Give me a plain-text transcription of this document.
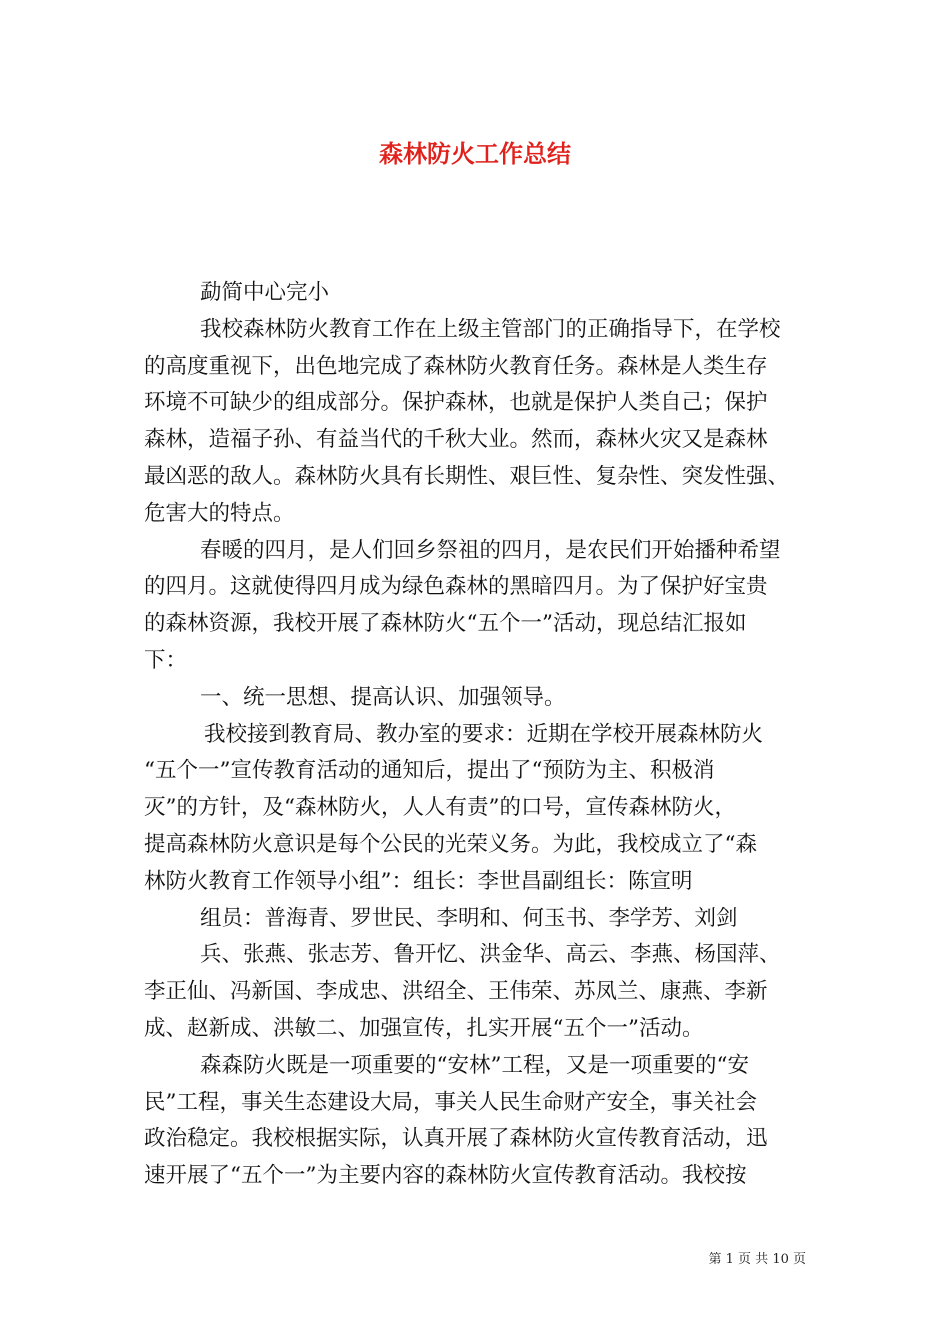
森林防火工作总结

勐简中心完小

我校森林防火教育工作在上级主管部门的正确指导下，在学校

的高度重视下，出色地完成了森林防火教育任务。森林是人类生存

环境不可缺少的组成部分。保护森林，也就是保护人类自己；保护

森林，造福子孙、有益当代的千秋大业。然而，森林火灾又是森林

最凶恶的敌人。森林防火具有长期性、艰巨性、复杂性、突发性强、

危害大的特点。

春暖的四月，是人们回乡祭祖的四月，是农民们开始播种希望

的四月。这就使得四月成为绿色森林的黑暗四月。为了保护好宝贵

的森林资源，我校开展了森林防火“五个一”活动，现总结汇报如

下：

一、统一思想、提高认识、加强领导。

我校接到教育局、教办室的要求：近期在学校开展森林防火

“五个一”宣传教育活动的通知后，提出了“预防为主、积极消

灭”的方针，及“森林防火，人人有责”的口号，宣传森林防火，

提高森林防火意识是每个公民的光荣义务。为此，我校成立了“森

林防火教育工作领导小组”：组长：李世昌副组长：陈宣明

组员：普海青、罗世民、李明和、何玉书、李学芳、刘剑

兵、张燕、张志芳、鲁开忆、洪金华、高云、李燕、杨国萍、

李正仙、冯新国、李成忠、洪绍全、王伟荣、苏凤兰、康燕、李新

成、赵新成、洪敏二、加强宣传，扎实开展“五个一”活动。

森森防火既是一项重要的“安林”工程，又是一项重要的“安

民”工程，事关生态建设大局，事关人民生命财产安全，事关社会

政治稳定。我校根据实际，认真开展了森林防火宣传教育活动，迅

速开展了“五个一”为主要内容的森林防火宣传教育活动。我校按

第 1 页 共 10 页
